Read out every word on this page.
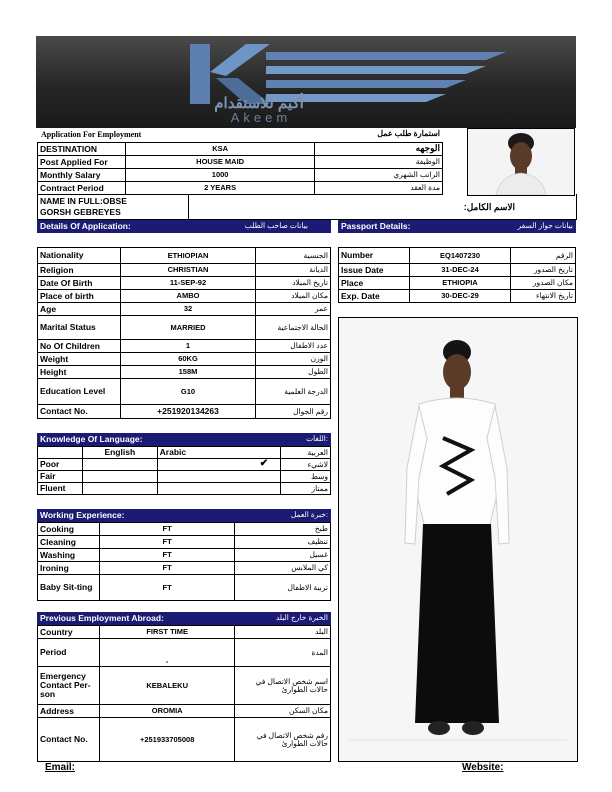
أكيم للاستقدام
Akeem
Application For Employment	استمارة طلب عمل
DESTINATION	KSA	الوجهه
Post Applied For	HOUSE MAID	الوظيفة
Monthly Salary	1000	الراتب الشهري
Contract Period	2 YEARS	مدة العقد
NAME IN FULL:OBSE GORSH GEBREYES
الاسم الكامل:
Details Of Application:	بيانات صاحب الطلب	Passport Details:	بيانات جواز السفر
Nationality	ETHIOPIAN	الجنسية
Religion	CHRISTIAN	الديانة
Date Of Birth	11-SEP-92	تاريخ الميلاد
Place of birth	AMBO	مكان الميلاد
Age	32	عمر
Marital Status	MARRIED	الحالة الاجتماعية
No Of Children	1	عدد الاطفال
Weight	60KG	الوزن
Height	158M	الطول
Education Level	G10	الدرجة العلمية
Contact No.	+251920134263	رقم الجوال
Number	EQ1407230	الرقم
Issue Date	31-DEC-24	تاريخ الصدور
Place	ETHIOPIA	مكان الصدور
Exp. Date	30-DEC-29	تاريخ الانتهاء
Knowledge Of Language:	اللغات:
	English	Arabic	العربية
Poor		✔	لاشيء
Fair			وسط
Fluent			ممتاز
Working Experience:	خبرة العمل:
Cooking	FT	طبخ
Cleaning	FT	تنظيف
Washing	FT	غسيل
Ironing	FT	كي الملابس
Baby Sit-ting	FT	تربية الاطفال
Previous Employment Abroad:	الخبرة خارج البلد
Country	FIRST TIME	البلد
Period	-	المدة
Emergency Contact Per-son	KEBALEKU	اسم شخص الاتصال في حالات الطوارئ
Address	OROMIA	مكان السكن
Contact No.	+251933705008	رقم شخص الاتصال في حالات الطوارئ
Email:	Website:
